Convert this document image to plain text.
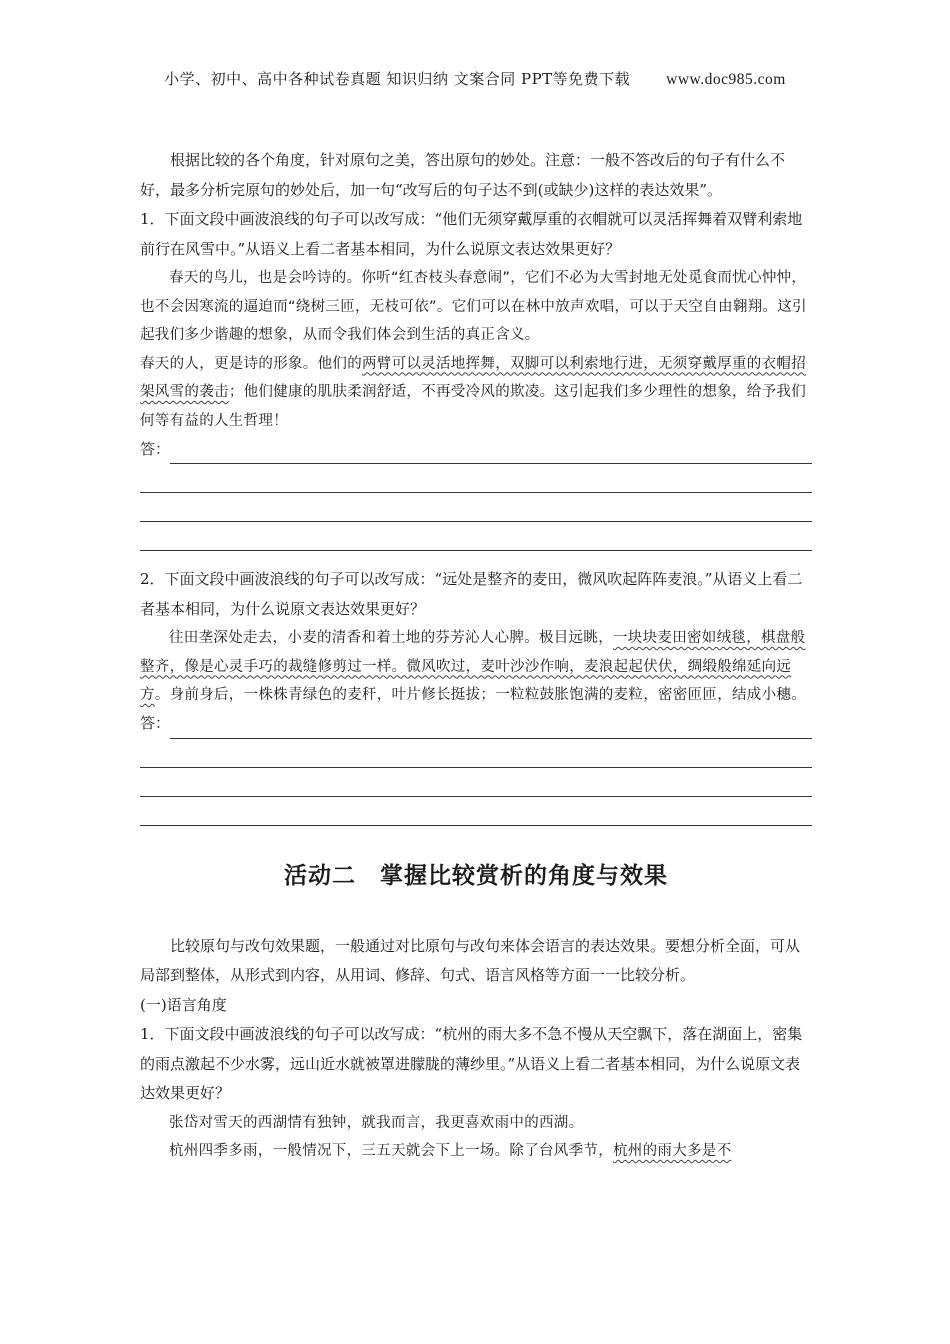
小学、初中、高中各种试卷真题 知识归纳 文案合同 PPT等免费下载 www.doc985.com

根据比较的各个角度，针对原句之美，答出原句的妙处。注意：一般不答改后的句子有什么不好，最多分析完原句的妙处后，加一句“改写后的句子达不到(或缺少)这样的表达效果”。

1．下面文段中画波浪线的句子可以改写成：“他们无须穿戴厚重的衣帽就可以灵活挥舞着双臂利索地前行在风雪中。”从语义上看二者基本相同，为什么说原文表达效果更好？

春天的鸟儿，也是会吟诗的。你听“红杏枝头春意闹”，它们不必为大雪封地无处觅食而忧心忡忡，也不会因寒流的逼迫而“绕树三匝，无枝可依”。它们可以在林中放声欢唱，可以于天空自由翱翔。这引起我们多少谐趣的想象，从而令我们体会到生活的真正含义。

春天的人，更是诗的形象。他们的两臂可以灵活地挥舞，双脚可以利索地行进，无须穿戴厚重的衣帽招架风雪的袭击；他们健康的肌肤柔润舒适，不再受冷风的欺凌。这引起我们多少理性的想象，给予我们何等有益的人生哲理！

答：

2．下面文段中画波浪线的句子可以改写成：“远处是整齐的麦田，微风吹起阵阵麦浪。”从语义上看二者基本相同，为什么说原文表达效果更好？

往田垄深处走去，小麦的清香和着土地的芬芳沁人心脾。极目远眺，一块块麦田密如绒毯，棋盘般整齐，像是心灵手巧的裁缝修剪过一样。微风吹过，麦叶沙沙作响，麦浪起起伏伏，绸缎般绵延向远方。身前身后，一株株青绿色的麦秆，叶片修长挺拔；一粒粒鼓胀饱满的麦粒，密密匝匝，结成小穗。

答：
活动二　掌握比较赏析的角度与效果

比较原句与改句效果题，一般通过对比原句与改句来体会语言的表达效果。要想分析全面，可从局部到整体，从形式到内容，从用词、修辞、句式、语言风格等方面一一比较分析。

(一)语言角度

1．下面文段中画波浪线的句子可以改写成：“杭州的雨大多不急不慢从天空飘下，落在湖面上，密集的雨点激起不少水雾，远山近水就被罩进朦胧的薄纱里。”从语义上看二者基本相同，为什么说原文表达效果更好？

张岱对雪天的西湖情有独钟，就我而言，我更喜欢雨中的西湖。

杭州四季多雨，一般情况下，三五天就会下上一场。除了台风季节，杭州的雨大多是不
